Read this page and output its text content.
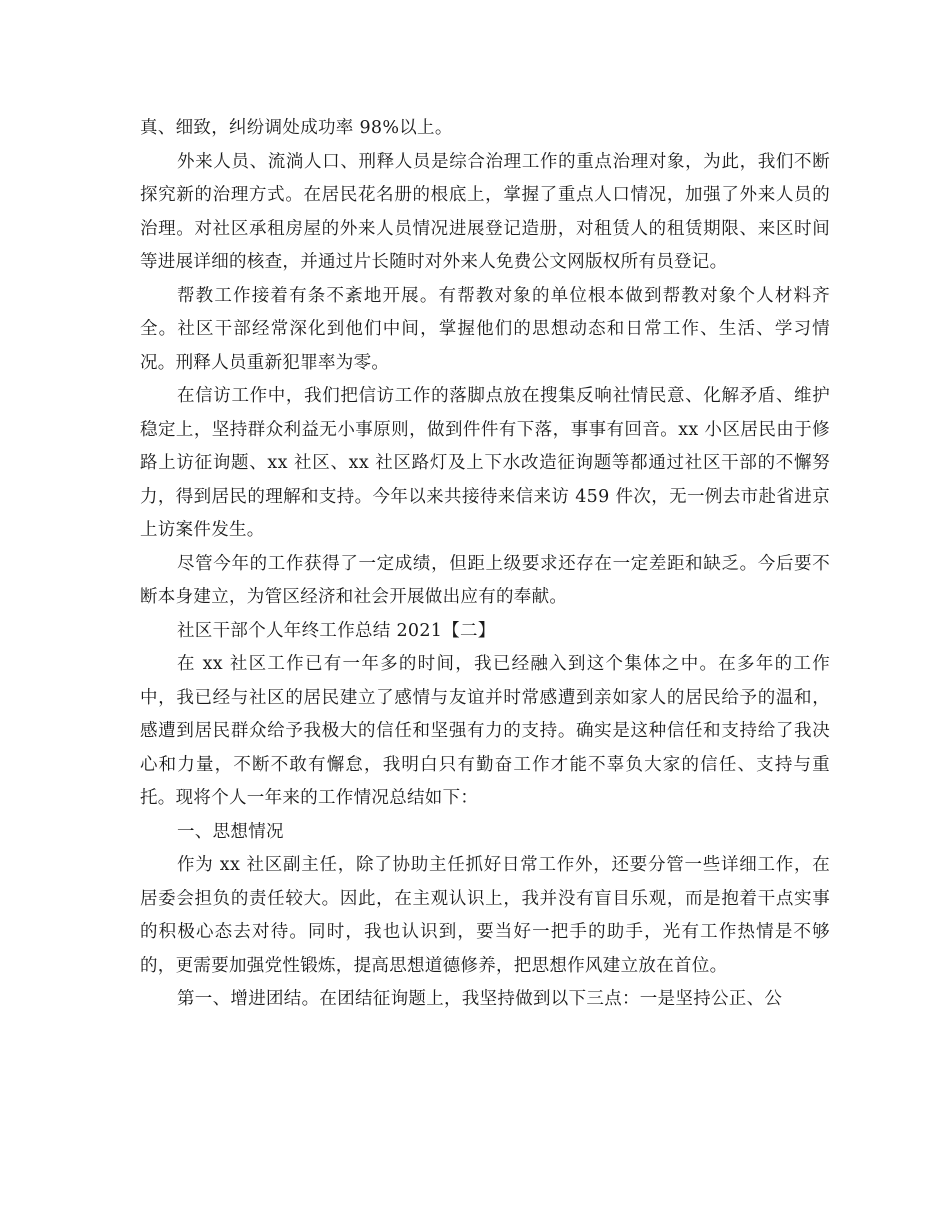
真、细致，纠纷调处成功率 98%以上。

外来人员、流淌人口、刑释人员是综合治理工作的重点治理对象，为此，我们不断探究新的治理方式。在居民花名册的根底上，掌握了重点人口情况，加强了外来人员的治理。对社区承租房屋的外来人员情况进展登记造册，对租赁人的租赁期限、来区时间等进展详细的核查，并通过片长随时对外来人免费公文网版权所有员登记。

帮教工作接着有条不紊地开展。有帮教对象的单位根本做到帮教对象个人材料齐全。社区干部经常深化到他们中间，掌握他们的思想动态和日常工作、生活、学习情况。刑释人员重新犯罪率为零。

在信访工作中，我们把信访工作的落脚点放在搜集反响社情民意、化解矛盾、维护稳定上，坚持群众利益无小事原则，做到件件有下落，事事有回音。xx 小区居民由于修路上访征询题、xx 社区、xx 社区路灯及上下水改造征询题等都通过社区干部的不懈努力，得到居民的理解和支持。今年以来共接待来信来访 459 件次，无一例去市赴省进京上访案件发生。

尽管今年的工作获得了一定成绩，但距上级要求还存在一定差距和缺乏。今后要不断本身建立，为管区经济和社会开展做出应有的奉献。

社区干部个人年终工作总结 2021【二】

在 xx 社区工作已有一年多的时间，我已经融入到这个集体之中。在多年的工作中，我已经与社区的居民建立了感情与友谊并时常感遭到亲如家人的居民给予的温和，感遭到居民群众给予我极大的信任和坚强有力的支持。确实是这种信任和支持给了我决心和力量，不断不敢有懈怠，我明白只有勤奋工作才能不辜负大家的信任、支持与重托。现将个人一年来的工作情况总结如下：

一、思想情况

作为 xx 社区副主任，除了协助主任抓好日常工作外，还要分管一些详细工作，在居委会担负的责任较大。因此，在主观认识上，我并没有盲目乐观，而是抱着干点实事的积极心态去对待。同时，我也认识到，要当好一把手的助手，光有工作热情是不够的，更需要加强党性锻炼，提高思想道德修养，把思想作风建立放在首位。

第一、增进团结。在团结征询题上，我坚持做到以下三点：一是坚持公正、公
